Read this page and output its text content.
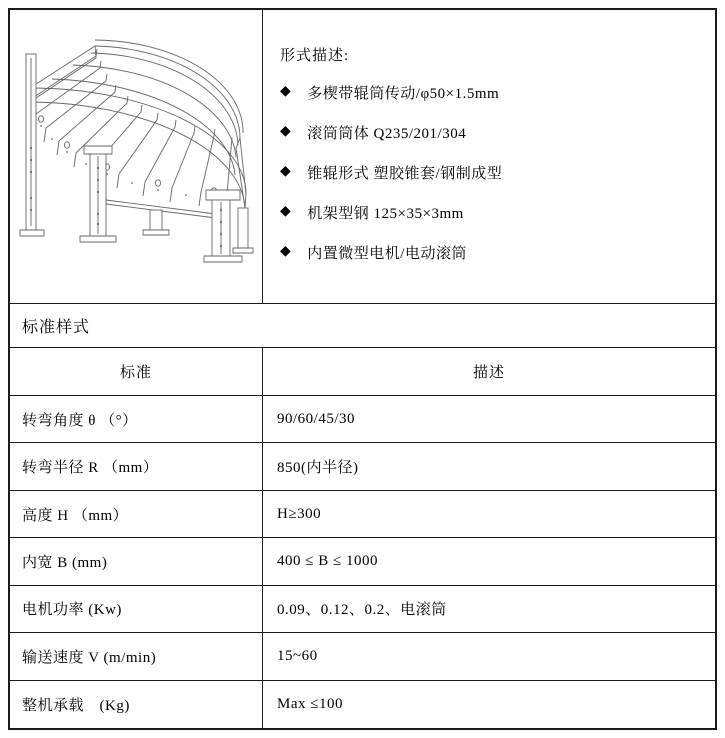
形式描述:
◆ 多楔带辊筒传动/φ50×1.5mm
◆ 滚筒筒体 Q235/201/304
◆ 锥辊形式 塑胶锥套/钢制成型
◆ 机架型钢 125×35×3mm
◆ 内置微型电机/电动滚筒
标准样式
标准	描述
转弯角度 θ （°）	90/60/45/30
转弯半径 R （mm）	850(内半径)
高度 H （mm）	H≥300
内宽 B (mm)	400 ≤ B ≤ 1000
电机功率 (Kw)	0.09、0.12、0.2、电滚筒
输送速度 V (m/min)	15~60
整机承载　(Kg)	Max ≤100
